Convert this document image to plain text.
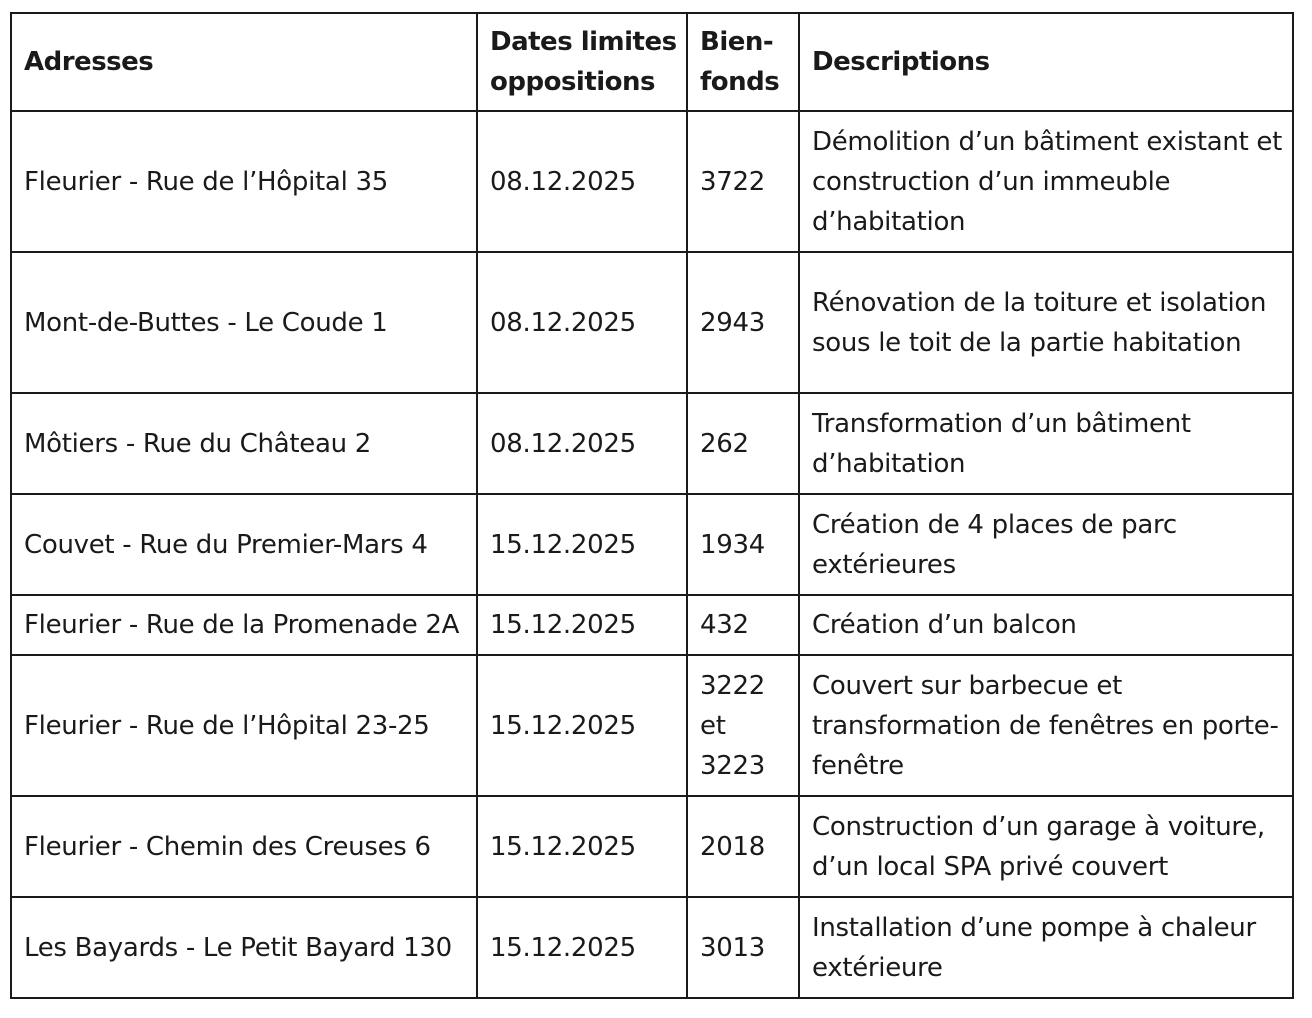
Adresses	Dates limites oppositions	Bien-fonds	Descriptions
Fleurier - Rue de l’Hôpital 35	08.12.2025	3722	Démolition d’un bâtiment existant et construction d’un immeuble d’habitation
Mont-de-Buttes - Le Coude 1	08.12.2025	2943	Rénovation de la toiture et isolation sous le toit de la partie habitation
Môtiers - Rue du Château 2	08.12.2025	262	Transformation d’un bâtiment d’habitation
Couvet - Rue du Premier-Mars 4	15.12.2025	1934	Création de 4 places de parc extérieures
Fleurier - Rue de la Promenade 2A	15.12.2025	432	Création d’un balcon
Fleurier - Rue de l’Hôpital 23-25	15.12.2025	3222 et 3223	Couvert sur barbecue et transformation de fenêtres en porte-fenêtre
Fleurier - Chemin des Creuses 6	15.12.2025	2018	Construction d’un garage à voiture, d’un local SPA privé couvert
Les Bayards - Le Petit Bayard 130	15.12.2025	3013	Installation d’une pompe à chaleur extérieure
